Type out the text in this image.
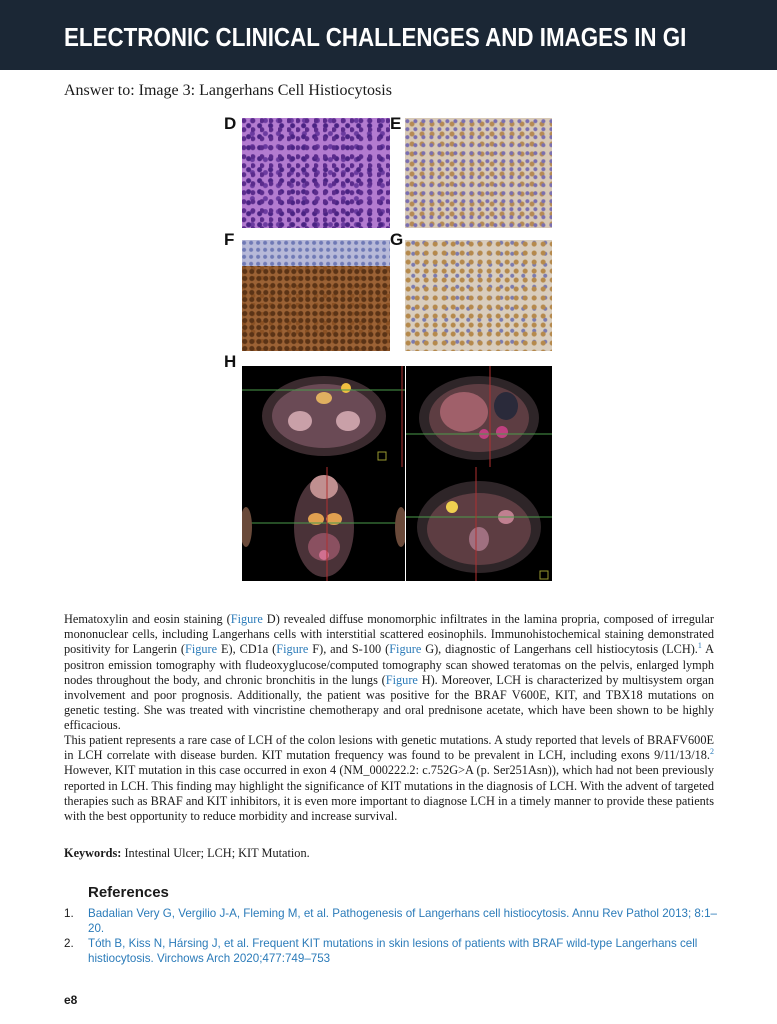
ELECTRONIC CLINICAL CHALLENGES AND IMAGES IN GI
Answer to: Image 3: Langerhans Cell Histiocytosis
D	E
F	G
H
Hematoxylin and eosin staining (Figure D) revealed diffuse monomorphic infiltrates in the lamina propria, composed of irregular mononuclear cells, including Langerhans cells with interstitial scattered eosinophils. Immunohistochemical staining demonstrated positivity for Langerin (Figure E), CD1a (Figure F), and S-100 (Figure G), diagnostic of Langerhans cell histiocytosis (LCH).$^1$ A positron emission tomography with fludeoxyglucose/computed tomography scan showed teratomas on the pelvis, enlarged lymph nodes throughout the body, and chronic bronchitis in the lungs (Figure H). Moreover, LCH is characterized by multisystem organ involvement and poor prognosis. Additionally, the patient was positive for the BRAF V600E, KIT, and TBX18 mutations on genetic testing. She was treated with vincristine chemotherapy and oral prednisone acetate, which have been shown to be highly efficacious.
This patient represents a rare case of LCH of the colon lesions with genetic mutations. A study reported that levels of BRAFV600E in LCH correlate with disease burden. KIT mutation frequency was found to be prevalent in LCH, including exons 9/11/13/18.$^2$ However, KIT mutation in this case occurred in exon 4 (NM_000222.2: c.752G>A (p. Ser251Asn)), which had not been previously reported in LCH. This finding may highlight the significance of KIT mutations in the diagnosis of LCH. With the advent of targeted therapies such as BRAF and KIT inhibitors, it is even more important to diagnose LCH in a timely manner to provide these patients with the best opportunity to reduce morbidity and increase survival.
Keywords: Intestinal Ulcer; LCH; KIT Mutation.
References
1. Badalian Very G, Vergilio J-A, Fleming M, et al. Pathogenesis of Langerhans cell histiocytosis. Annu Rev Pathol 2013; 8:1–20.
2. Tóth B, Kiss N, Hársing J, et al. Frequent KIT mutations in skin lesions of patients with BRAF wild-type Langerhans cell histiocytosis. Virchows Arch 2020;477:749–753
e8
